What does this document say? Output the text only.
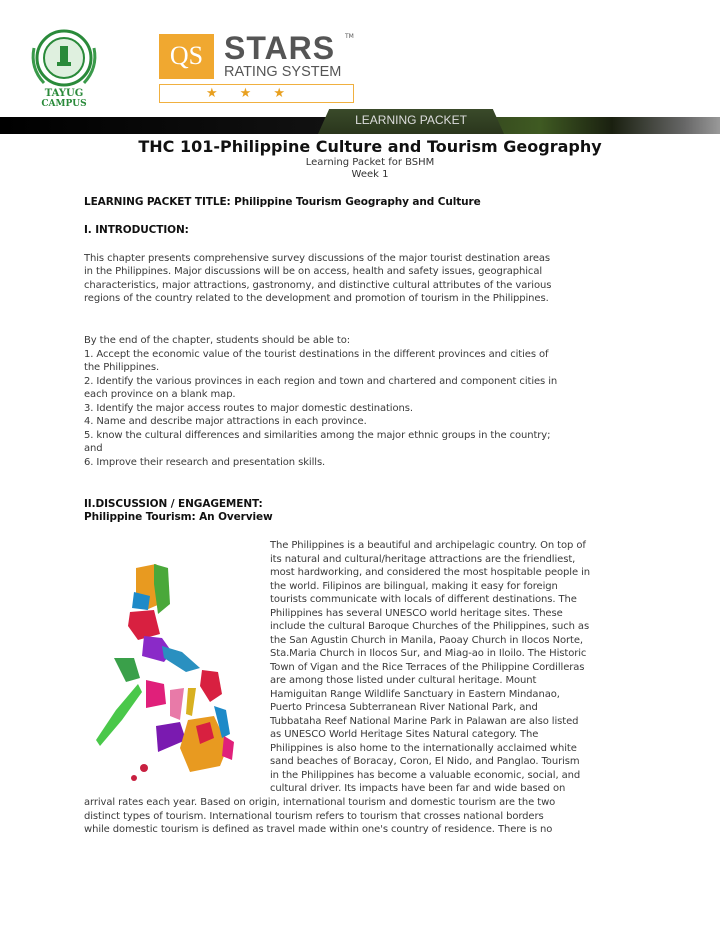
TAYUG
CAMPUS
QS STARS TM
RATING SYSTEM
★★★
LEARNING PACKET
THC 101-Philippine Culture and Tourism Geography
Learning Packet for BSHM
Week 1
LEARNING PACKET TITLE: Philippine Tourism Geography and Culture
I. INTRODUCTION:
This chapter presents comprehensive survey discussions of the major tourist destination areas
in the Philippines. Major discussions will be on access, health and safety issues, geographical
characteristics, major attractions, gastronomy, and distinctive cultural attributes of the various
regions of the country related to the development and promotion of tourism in the Philippines.
By the end of the chapter, students should be able to:
1. Accept the economic value of the tourist destinations in the different provinces and cities of
the Philippines.
2. Identify the various provinces in each region and town and chartered and component cities in
each province on a blank map.
3. Identify the major access routes to major domestic destinations.
4. Name and describe major attractions in each province.
5. know the cultural differences and similarities among the major ethnic groups in the country;
and
6. Improve their research and presentation skills.
II.DISCUSSION / ENGAGEMENT:
Philippine Tourism: An Overview
The Philippines is a beautiful and archipelagic country. On top of
its natural and cultural/heritage attractions are the friendliest,
most hardworking, and considered the most hospitable people in
the world. Filipinos are bilingual, making it easy for foreign
tourists communicate with locals of different destinations. The
Philippines has several UNESCO world heritage sites. These
include the cultural Baroque Churches of the Philippines, such as
the San Agustin Church in Manila, Paoay Church in Ilocos Norte,
Sta.Maria Church in Ilocos Sur, and Miag-ao in Iloilo. The Historic
Town of Vigan and the Rice Terraces of the Philippine Cordilleras
are among those listed under cultural heritage. Mount
Hamiguitan Range Wildlife Sanctuary in Eastern Mindanao,
Puerto Princesa Subterranean River National Park, and
Tubbataha Reef National Marine Park in Palawan are also listed
as UNESCO World Heritage Sites Natural category. The
Philippines is also home to the internationally acclaimed white
sand beaches of Boracay, Coron, El Nido, and Panglao. Tourism
in the Philippines has become a valuable economic, social, and
cultural driver. Its impacts have been far and wide based on
arrival rates each year. Based on origin, international tourism and domestic tourism are the two
distinct types of tourism. International tourism refers to tourism that crosses national borders
while domestic tourism is defined as travel made within one's country of residence. There is no
